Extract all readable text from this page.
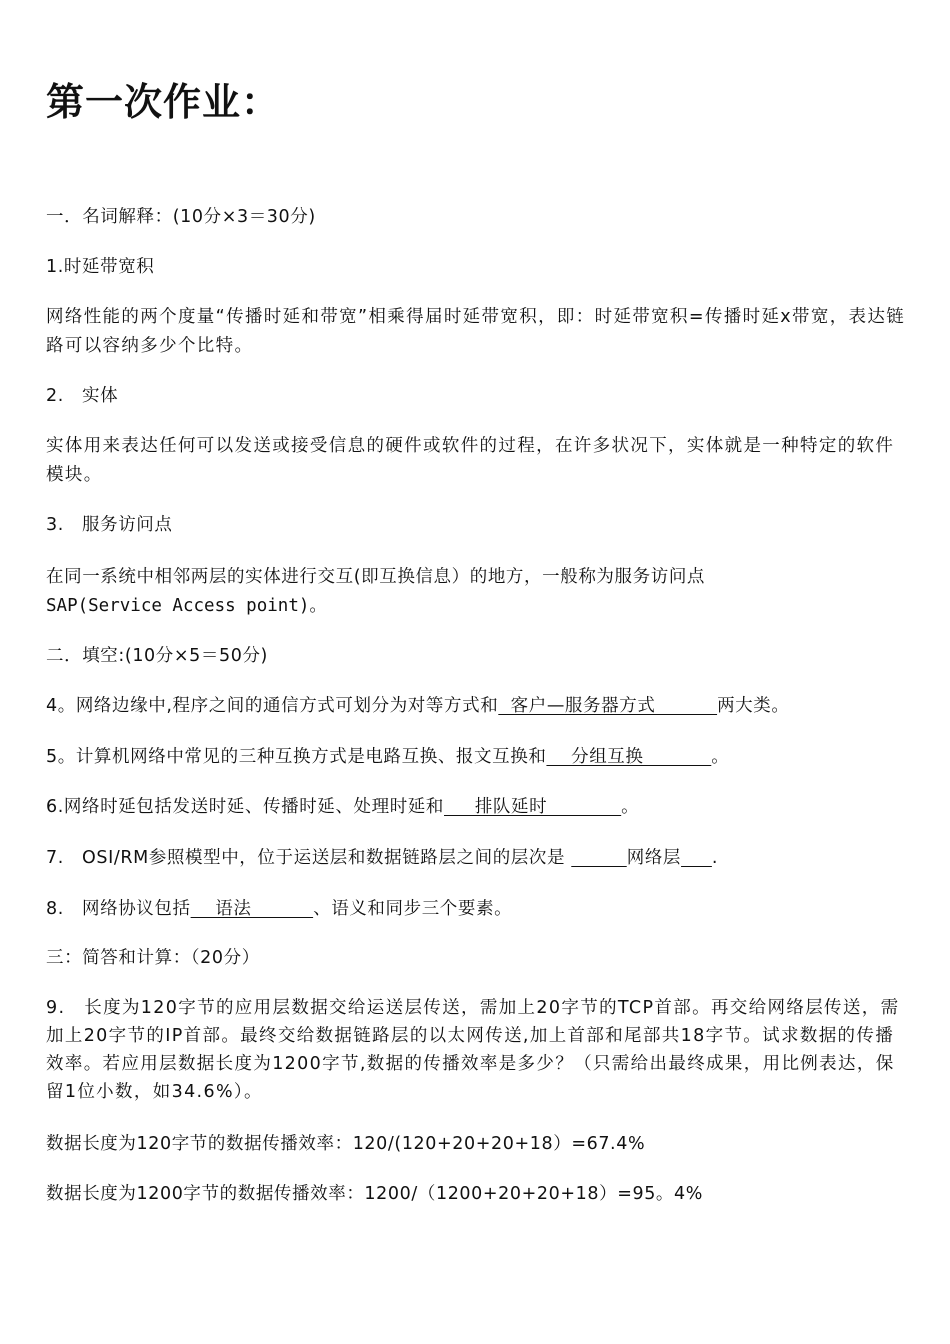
第一次作业：

一．名词解释：(10分×3＝30分)

1.时延带宽积

网络性能的两个度量“传播时延和带宽”相乘得届时延带宽积，即：时延带宽积=传播时延x带宽，表达链路可以容纳多少个比特。

2.　实体

实体用来表达任何可以发送或接受信息的硬件或软件的过程，在许多状况下，实体就是一种特定的软件模块。

3.　服务访问点

在同一系统中相邻两层的实体进行交互(即互换信息）的地方，一般称为服务访问点

SAP(Service Access point)。

二．填空:(10分×5＝50分)

4。网络边缘中,程序之间的通信方式可划分为对等方式和  客户—服务器方式          两大类。

5。计算机网络中常见的三种互换方式是电路互换、报文互换和    分组互换           。

6.网络时延包括发送时延、传播时延、处理时延和     排队延时            。

7.　OSI/RM参照模型中，位于运送层和数据链路层之间的层次是	网络层 .

8.　网络协议包括    语法          、语义和同步三个要素。

三：简答和计算：（20分）

9.　长度为120字节的应用层数据交给运送层传送，需加上20字节的TCP首部。再交给网络层传送，需加上20字节的IP首部。最终交给数据链路层的以太网传送,加上首部和尾部共18字节。试求数据的传播效率。若应用层数据长度为1200字节,数据的传播效率是多少？（只需给出最终成果，用比例表达，保留1位小数，如34.6%）。

数据长度为120字节的数据传播效率：120/(120+20+20+18）=67.4%

数据长度为1200字节的数据传播效率：1200/（1200+20+20+18）=95。4%
